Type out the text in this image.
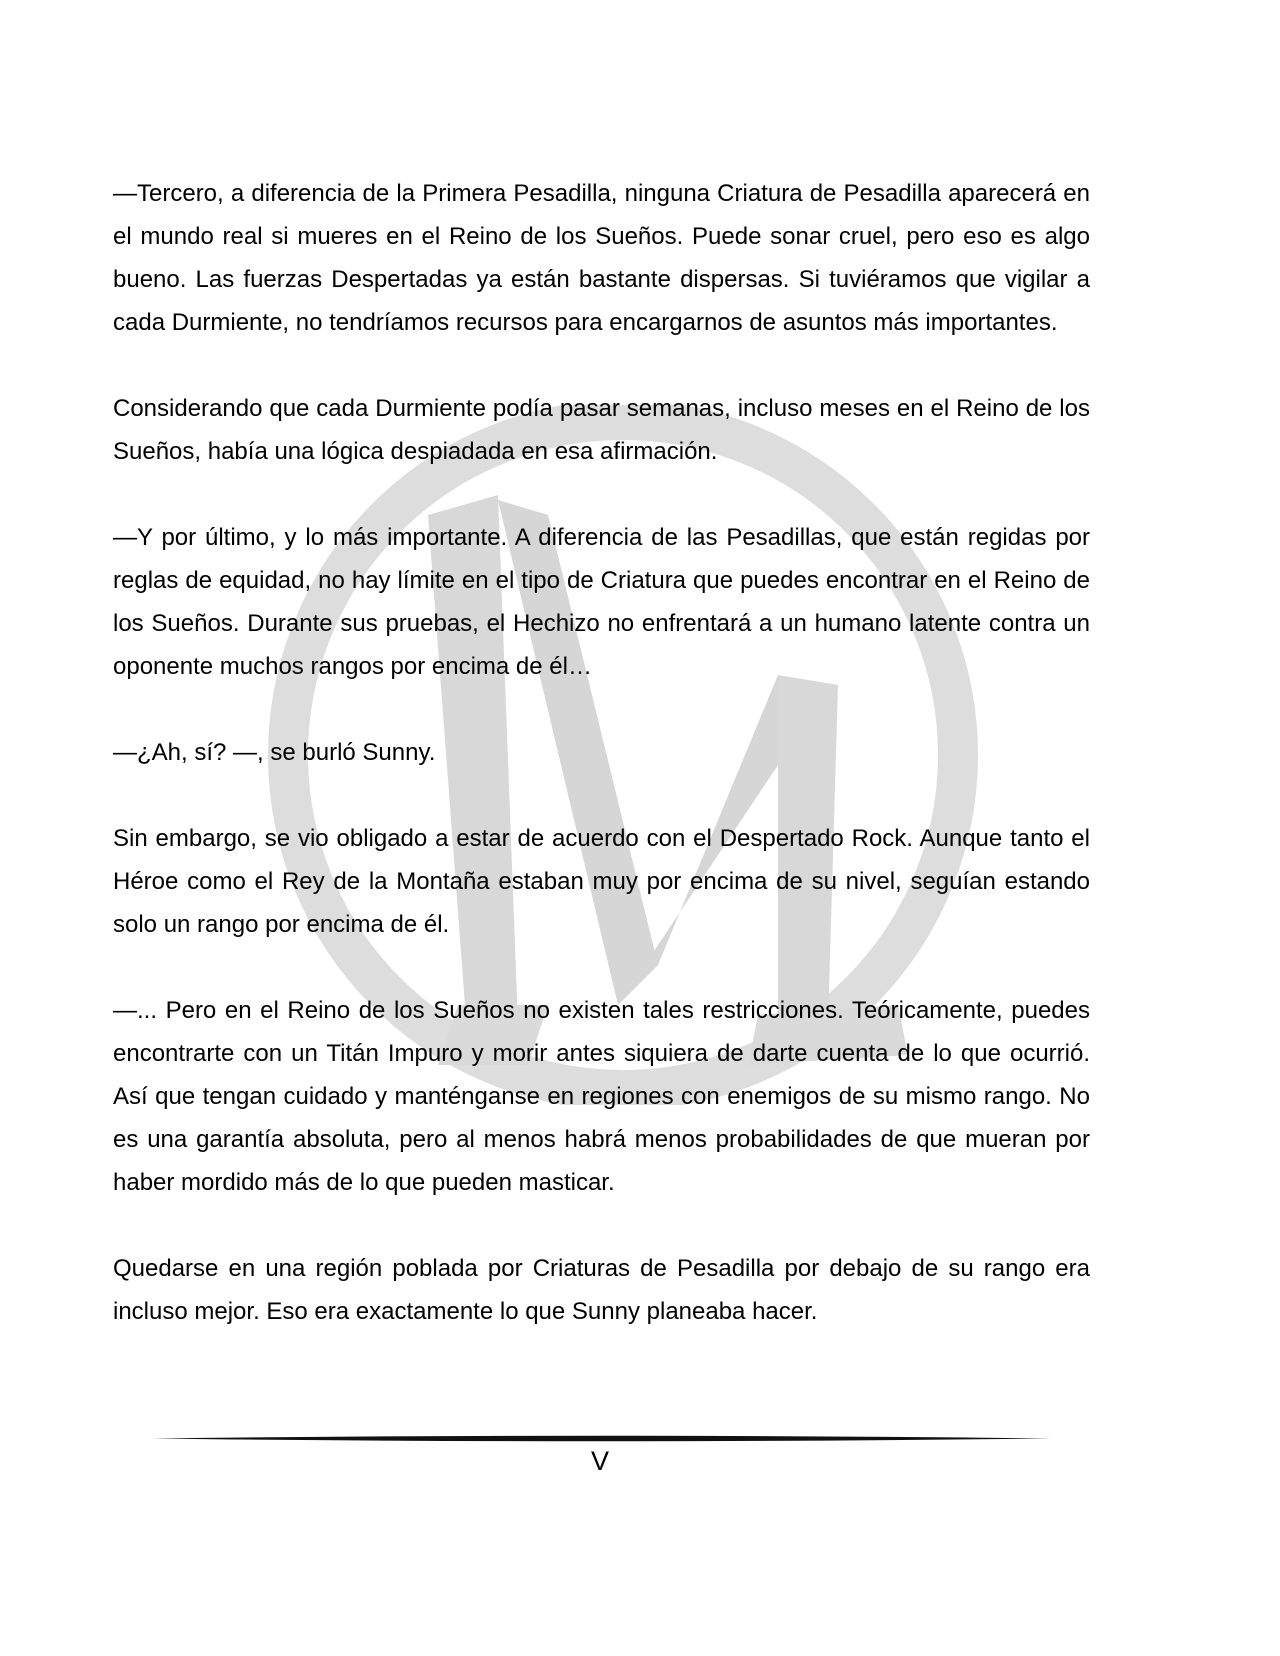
—Tercero, a diferencia de la Primera Pesadilla, ninguna Criatura de Pesadilla aparecerá en el mundo real si mueres en el Reino de los Sueños. Puede sonar cruel, pero eso es algo bueno. Las fuerzas Despertadas ya están bastante dispersas. Si tuviéramos que vigilar a cada Durmiente, no tendríamos recursos para encargarnos de asuntos más importantes.

Considerando que cada Durmiente podía pasar semanas, incluso meses en el Reino de los Sueños, había una lógica despiadada en esa afirmación.

—Y por último, y lo más importante. A diferencia de las Pesadillas, que están regidas por reglas de equidad, no hay límite en el tipo de Criatura que puedes encontrar en el Reino de los Sueños. Durante sus pruebas, el Hechizo no enfrentará a un humano latente contra un oponente muchos rangos por encima de él…

—¿Ah, sí? —, se burló Sunny.

Sin embargo, se vio obligado a estar de acuerdo con el Despertado Rock. Aunque tanto el Héroe como el Rey de la Montaña estaban muy por encima de su nivel, seguían estando solo un rango por encima de él.

—... Pero en el Reino de los Sueños no existen tales restricciones. Teóricamente, puedes encontrarte con un Titán Impuro y morir antes siquiera de darte cuenta de lo que ocurrió. Así que tengan cuidado y manténganse en regiones con enemigos de su mismo rango. No es una garantía absoluta, pero al menos habrá menos probabilidades de que mueran por haber mordido más de lo que pueden masticar.

Quedarse en una región poblada por Criaturas de Pesadilla por debajo de su rango era incluso mejor. Eso era exactamente lo que Sunny planeaba hacer.

V
